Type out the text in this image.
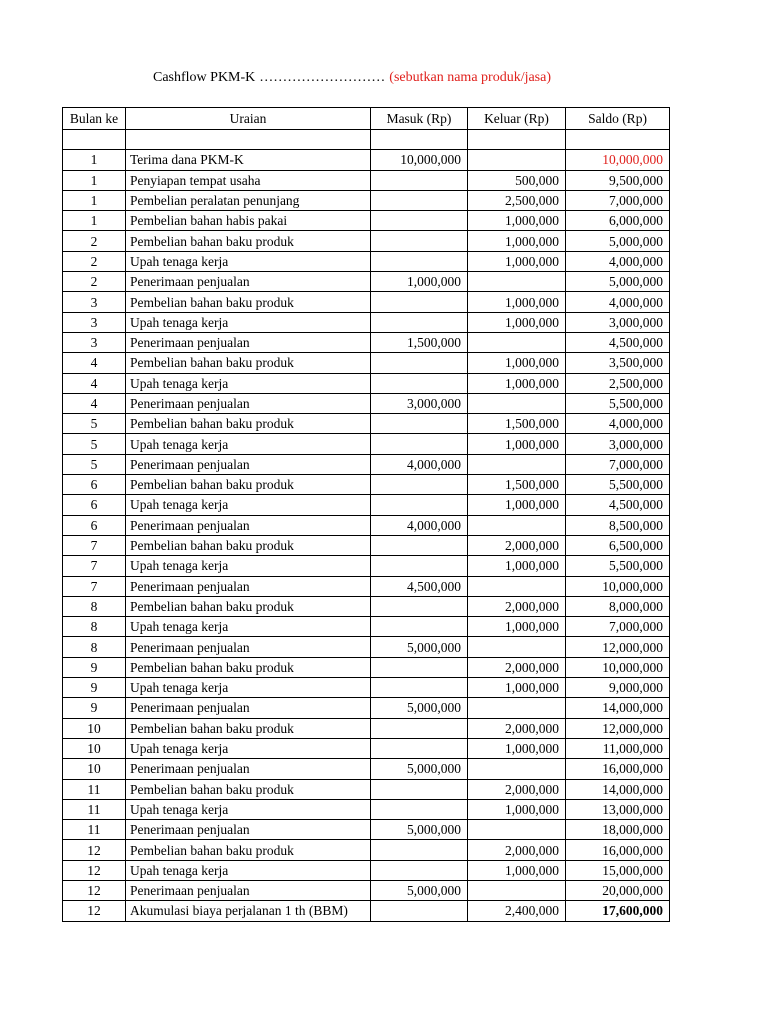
Cashflow PKM-K ……………………… (sebutkan nama produk/jasa)
Bulan ke	Uraian	Masuk (Rp)	Keluar (Rp)	Saldo (Rp)

1	Terima dana PKM-K	10,000,000		10,000,000
1	Penyiapan tempat usaha		500,000	9,500,000
1	Pembelian peralatan penunjang		2,500,000	7,000,000
1	Pembelian bahan habis pakai		1,000,000	6,000,000
2	Pembelian bahan baku produk		1,000,000	5,000,000
2	Upah tenaga kerja		1,000,000	4,000,000
2	Penerimaan penjualan	1,000,000		5,000,000
3	Pembelian bahan baku produk		1,000,000	4,000,000
3	Upah tenaga kerja		1,000,000	3,000,000
3	Penerimaan penjualan	1,500,000		4,500,000
4	Pembelian bahan baku produk		1,000,000	3,500,000
4	Upah tenaga kerja		1,000,000	2,500,000
4	Penerimaan penjualan	3,000,000		5,500,000
5	Pembelian bahan baku produk		1,500,000	4,000,000
5	Upah tenaga kerja		1,000,000	3,000,000
5	Penerimaan penjualan	4,000,000		7,000,000
6	Pembelian bahan baku produk		1,500,000	5,500,000
6	Upah tenaga kerja		1,000,000	4,500,000
6	Penerimaan penjualan	4,000,000		8,500,000
7	Pembelian bahan baku produk		2,000,000	6,500,000
7	Upah tenaga kerja		1,000,000	5,500,000
7	Penerimaan penjualan	4,500,000		10,000,000
8	Pembelian bahan baku produk		2,000,000	8,000,000
8	Upah tenaga kerja		1,000,000	7,000,000
8	Penerimaan penjualan	5,000,000		12,000,000
9	Pembelian bahan baku produk		2,000,000	10,000,000
9	Upah tenaga kerja		1,000,000	9,000,000
9	Penerimaan penjualan	5,000,000		14,000,000
10	Pembelian bahan baku produk		2,000,000	12,000,000
10	Upah tenaga kerja		1,000,000	11,000,000
10	Penerimaan penjualan	5,000,000		16,000,000
11	Pembelian bahan baku produk		2,000,000	14,000,000
11	Upah tenaga kerja		1,000,000	13,000,000
11	Penerimaan penjualan	5,000,000		18,000,000
12	Pembelian bahan baku produk		2,000,000	16,000,000
12	Upah tenaga kerja		1,000,000	15,000,000
12	Penerimaan penjualan	5,000,000		20,000,000
12	Akumulasi biaya perjalanan 1 th (BBM)		2,400,000	17,600,000
